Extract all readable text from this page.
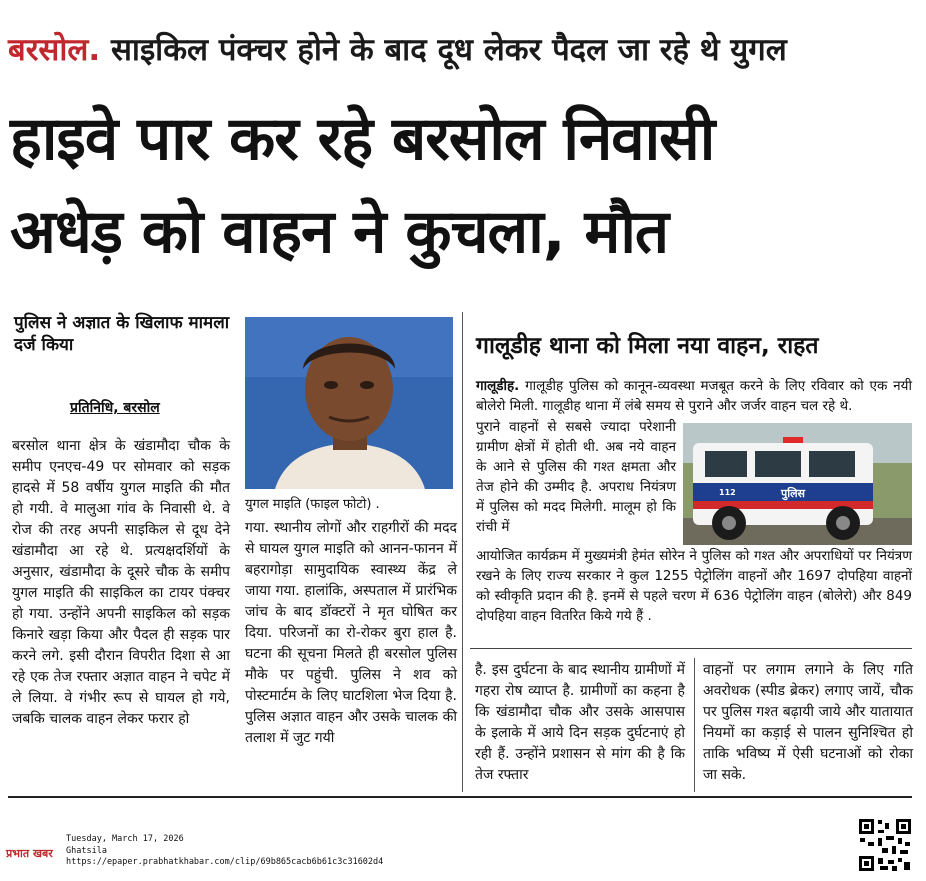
बरसोल. साइकिल पंक्चर होने के बाद दूध लेकर पैदल जा रहे थे युगल
हाइवे पार कर रहे बरसोल निवासी
अधेड़ को वाहन ने कुचला, मौत
पुलिस ने अज्ञात के खिलाफ मामला दर्ज किया
प्रतिनिधि, बरसोल
बरसोल थाना क्षेत्र के खंडामौदा चौक के समीप एनएच-49 पर सोमवार को सड़क हादसे में 58 वर्षीय युगल माइति की मौत हो गयी. वे मालुआ गांव के निवासी थे. वे रोज की तरह अपनी साइकिल से दूध देने खंडामौदा आ रहे थे. प्रत्यक्षदर्शियों के अनुसार, खंडामौदा के दूसरे चौक के समीप युगल माइति की साइकिल का टायर पंक्चर हो गया. उन्होंने अपनी साइकिल को सड़क किनारे खड़ा किया और पैदल ही सड़क पार करने लगे. इसी दौरान विपरीत दिशा से आ रहे एक तेज रफ्तार अज्ञात वाहन ने चपेट में ले लिया. वे गंभीर रूप से घायल हो गये, जबकि चालक वाहन लेकर फरार हो
युगल माइति (फाइल फोटो) .
गया. स्थानीय लोगों और राहगीरों की मदद से घायल युगल माइति को आनन-फानन में बहरागोड़ा सामुदायिक स्वास्थ्य केंद्र ले जाया गया. हालांकि, अस्पताल में प्रारंभिक जांच के बाद डॉक्टरों ने मृत घोषित कर दिया. परिजनों का रो-रोकर बुरा हाल है. घटना की सूचना मिलते ही बरसोल पुलिस मौके पर पहुंची. पुलिस ने शव को पोस्टमार्टम के लिए घाटशिला भेज दिया है. पुलिस अज्ञात वाहन और उसके चालक की तलाश में जुट गयी
गालूडीह थाना को मिला नया वाहन, राहत
गालूडीह. गालूडीह पुलिस को कानून-व्यवस्था मजबूत करने के लिए रविवार को एक नयी बोलेरो मिली. गालूडीह थाना में लंबे समय से पुराने और जर्जर वाहन चल रहे थे.
पुराने वाहनों से सबसे ज्यादा परेशानी ग्रामीण क्षेत्रों में होती थी. अब नये वाहन के आने से पुलिस की गश्त क्षमता और तेज होने की उम्मीद है. अपराध नियंत्रण में पुलिस को मदद मिलेगी. मालूम हो कि रांची में
पुलिस
112
आयोजित कार्यक्रम में मुख्यमंत्री हेमंत सोरेन ने पुलिस को गश्त और अपराधियों पर नियंत्रण रखने के लिए राज्य सरकार ने कुल 1255 पेट्रोलिंग वाहनों और 1697 दोपहिया वाहनों को स्वीकृति प्रदान की है. इनमें से पहले चरण में 636 पेट्रोलिंग वाहन (बोलेरो) और 849 दोपहिया वाहन वितरित किये गये हैं .
है. इस दुर्घटना के बाद स्थानीय ग्रामीणों में गहरा रोष व्याप्त है. ग्रामीणों का कहना है कि खंडामौदा चौक और उसके आसपास के इलाके में आये दिन सड़क दुर्घटनाएं हो रही हैं. उन्होंने प्रशासन से मांग की है कि तेज रफ्तार
वाहनों पर लगाम लगाने के लिए गति अवरोधक (स्पीड ब्रेकर) लगाए जायें, चौक पर पुलिस गश्त बढ़ायी जाये और यातायात नियमों का कड़ाई से पालन सुनिश्चित हो ताकि भविष्य में ऐसी घटनाओं को रोका जा सके.
प्रभात खबर
Tuesday, March 17, 2026
Ghatsila
https://epaper.prabhatkhabar.com/clip/69b865cacb6b61c3c31602d4
